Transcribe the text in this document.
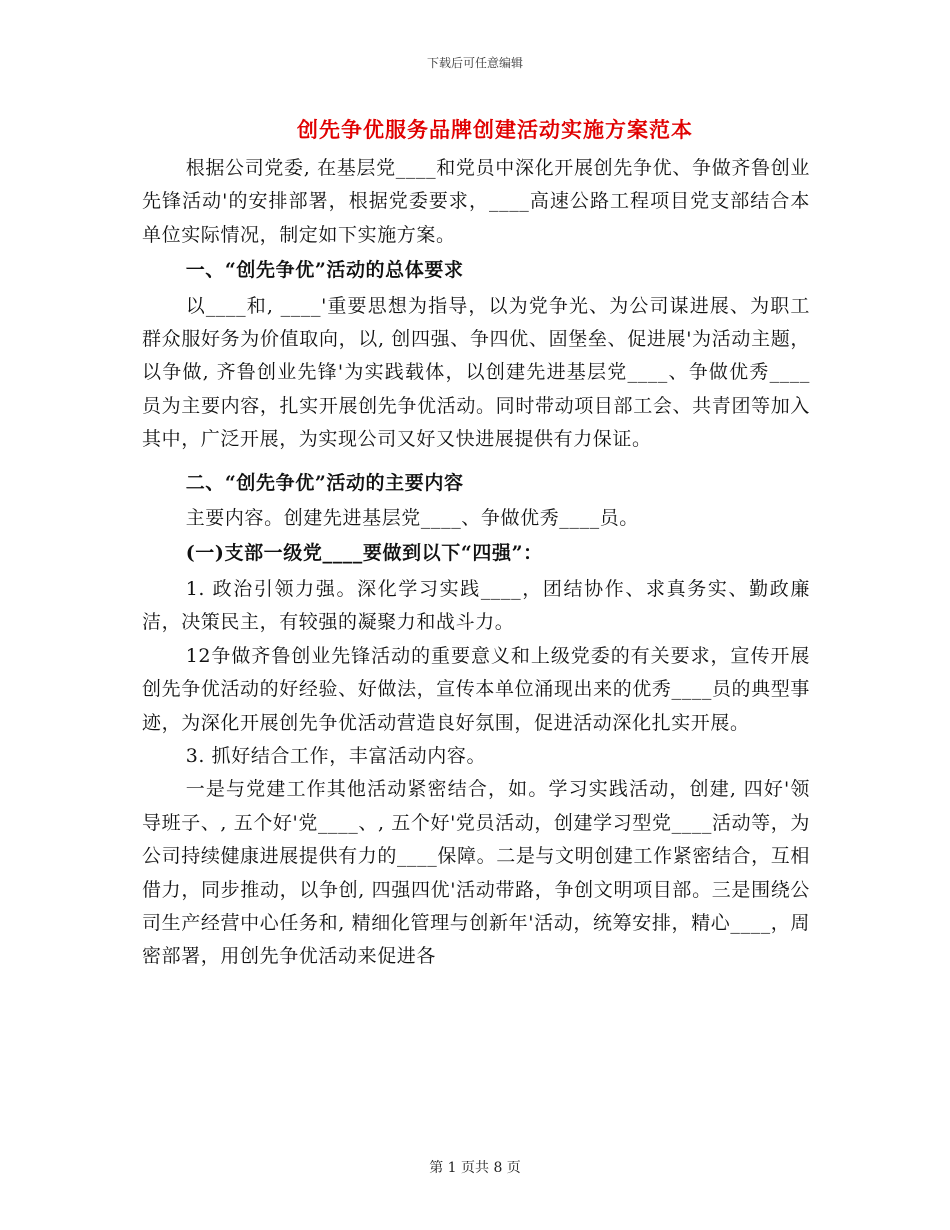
下载后可任意编辑
创先争优服务品牌创建活动实施方案范本

根据公司党委, 在基层党____和党员中深化开展创先争优、争做齐鲁创业先锋活动'的安排部署，根据党委要求，____高速公路工程项目党支部结合本单位实际情况，制定如下实施方案。

一、“创先争优”活动的总体要求

以____和, ____'重要思想为指导，以为党争光、为公司谋进展、为职工群众服好务为价值取向，以, 创四强、争四优、固堡垒、促进展'为活动主题，以争做, 齐鲁创业先锋'为实践载体，以创建先进基层党____、争做优秀____员为主要内容，扎实开展创先争优活动。同时带动项目部工会、共青团等加入其中，广泛开展，为实现公司又好又快进展提供有力保证。

二、“创先争优”活动的主要内容

主要内容。创建先进基层党____、争做优秀____员。

(一)支部一级党____要做到以下“四强”：

1. 政治引领力强。深化学习实践____，团结协作、求真务实、勤政廉洁，决策民主，有较强的凝聚力和战斗力。

12争做齐鲁创业先锋活动的重要意义和上级党委的有关要求，宣传开展创先争优活动的好经验、好做法，宣传本单位涌现出来的优秀____员的典型事迹，为深化开展创先争优活动营造良好氛围，促进活动深化扎实开展。

3. 抓好结合工作，丰富活动内容。

一是与党建工作其他活动紧密结合，如。学习实践活动，创建, 四好'领导班子、, 五个好'党____、, 五个好'党员活动，创建学习型党____活动等，为公司持续健康进展提供有力的____保障。二是与文明创建工作紧密结合，互相借力，同步推动，以争创, 四强四优'活动带路，争创文明项目部。三是围绕公司生产经营中心任务和, 精细化管理与创新年'活动，统筹安排，精心____，周密部署，用创先争优活动来促进各

第 1 页共 8 页
